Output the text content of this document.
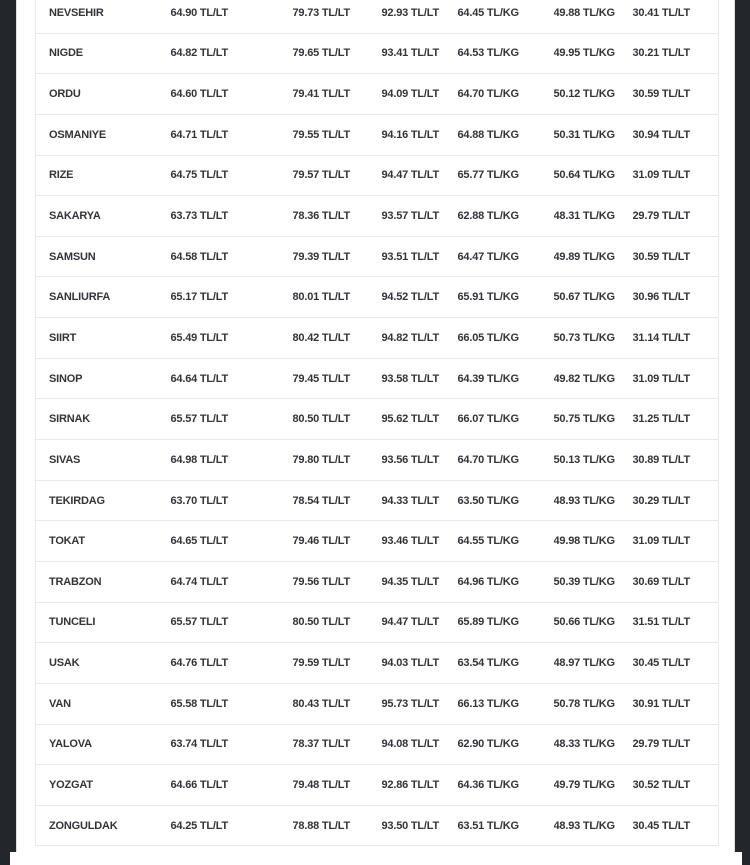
NEVSEHIR	64.90 TL/LT	79.73 TL/LT	92.93 TL/LT	64.45 TL/KG	49.88 TL/KG	30.41 TL/LT
NIGDE	64.82 TL/LT	79.65 TL/LT	93.41 TL/LT	64.53 TL/KG	49.95 TL/KG	30.21 TL/LT
ORDU	64.60 TL/LT	79.41 TL/LT	94.09 TL/LT	64.70 TL/KG	50.12 TL/KG	30.59 TL/LT
OSMANIYE	64.71 TL/LT	79.55 TL/LT	94.16 TL/LT	64.88 TL/KG	50.31 TL/KG	30.94 TL/LT
RIZE	64.75 TL/LT	79.57 TL/LT	94.47 TL/LT	65.77 TL/KG	50.64 TL/KG	31.09 TL/LT
SAKARYA	63.73 TL/LT	78.36 TL/LT	93.57 TL/LT	62.88 TL/KG	48.31 TL/KG	29.79 TL/LT
SAMSUN	64.58 TL/LT	79.39 TL/LT	93.51 TL/LT	64.47 TL/KG	49.89 TL/KG	30.59 TL/LT
SANLIURFA	65.17 TL/LT	80.01 TL/LT	94.52 TL/LT	65.91 TL/KG	50.67 TL/KG	30.96 TL/LT
SIIRT	65.49 TL/LT	80.42 TL/LT	94.82 TL/LT	66.05 TL/KG	50.73 TL/KG	31.14 TL/LT
SINOP	64.64 TL/LT	79.45 TL/LT	93.58 TL/LT	64.39 TL/KG	49.82 TL/KG	31.09 TL/LT
SIRNAK	65.57 TL/LT	80.50 TL/LT	95.62 TL/LT	66.07 TL/KG	50.75 TL/KG	31.25 TL/LT
SIVAS	64.98 TL/LT	79.80 TL/LT	93.56 TL/LT	64.70 TL/KG	50.13 TL/KG	30.89 TL/LT
TEKIRDAG	63.70 TL/LT	78.54 TL/LT	94.33 TL/LT	63.50 TL/KG	48.93 TL/KG	30.29 TL/LT
TOKAT	64.65 TL/LT	79.46 TL/LT	93.46 TL/LT	64.55 TL/KG	49.98 TL/KG	31.09 TL/LT
TRABZON	64.74 TL/LT	79.56 TL/LT	94.35 TL/LT	64.96 TL/KG	50.39 TL/KG	30.69 TL/LT
TUNCELI	65.57 TL/LT	80.50 TL/LT	94.47 TL/LT	65.89 TL/KG	50.66 TL/KG	31.51 TL/LT
USAK	64.76 TL/LT	79.59 TL/LT	94.03 TL/LT	63.54 TL/KG	48.97 TL/KG	30.45 TL/LT
VAN	65.58 TL/LT	80.43 TL/LT	95.73 TL/LT	66.13 TL/KG	50.78 TL/KG	30.91 TL/LT
YALOVA	63.74 TL/LT	78.37 TL/LT	94.08 TL/LT	62.90 TL/KG	48.33 TL/KG	29.79 TL/LT
YOZGAT	64.66 TL/LT	79.48 TL/LT	92.86 TL/LT	64.36 TL/KG	49.79 TL/KG	30.52 TL/LT
ZONGULDAK	64.25 TL/LT	78.88 TL/LT	93.50 TL/LT	63.51 TL/KG	48.93 TL/KG	30.45 TL/LT
